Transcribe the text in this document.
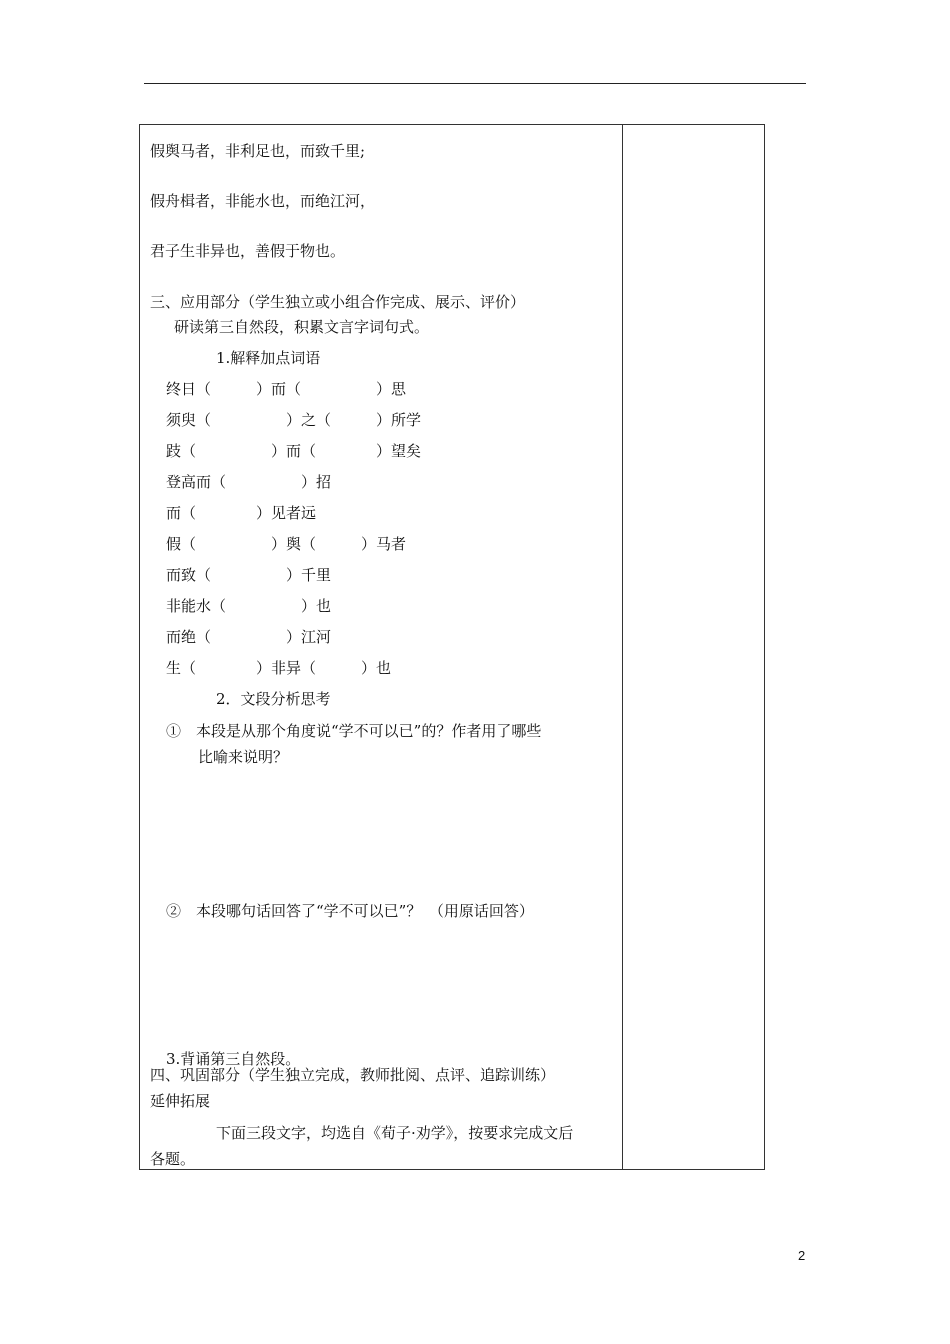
假舆马者，非利足也，而致千里;
假舟楫者，非能水也，而绝江河，
君子生非异也，善假于物也。
三、应用部分（学生独立或小组合作完成、展示、评价）
研读第三自然段，积累文言字词句式。
1.解释加点词语
终日（　　　）而（　　　　　）思
须臾（　　　　　）之（　　　）所学
跂（　　　　　）而（　　　　）望矣
登高而（　　　　　）招
而（　　　　）见者远
假（　　　　　）舆（　　　）马者
而致（　　　　　）千里
非能水（　　　　　）也
而绝（　　　　　）江河
生（　　　　）非异（　　　）也
2．文段分析思考
①　本段是从那个角度说“学不可以已”的？作者用了哪些
比喻来说明？
②　本段哪句话回答了“学不可以已”？　（用原话回答）
3.背诵第三自然段。
四、巩固部分（学生独立完成，教师批阅、点评、追踪训练）
延伸拓展
下面三段文字，均选自《荀子·劝学》，按要求完成文后
各题。
2
